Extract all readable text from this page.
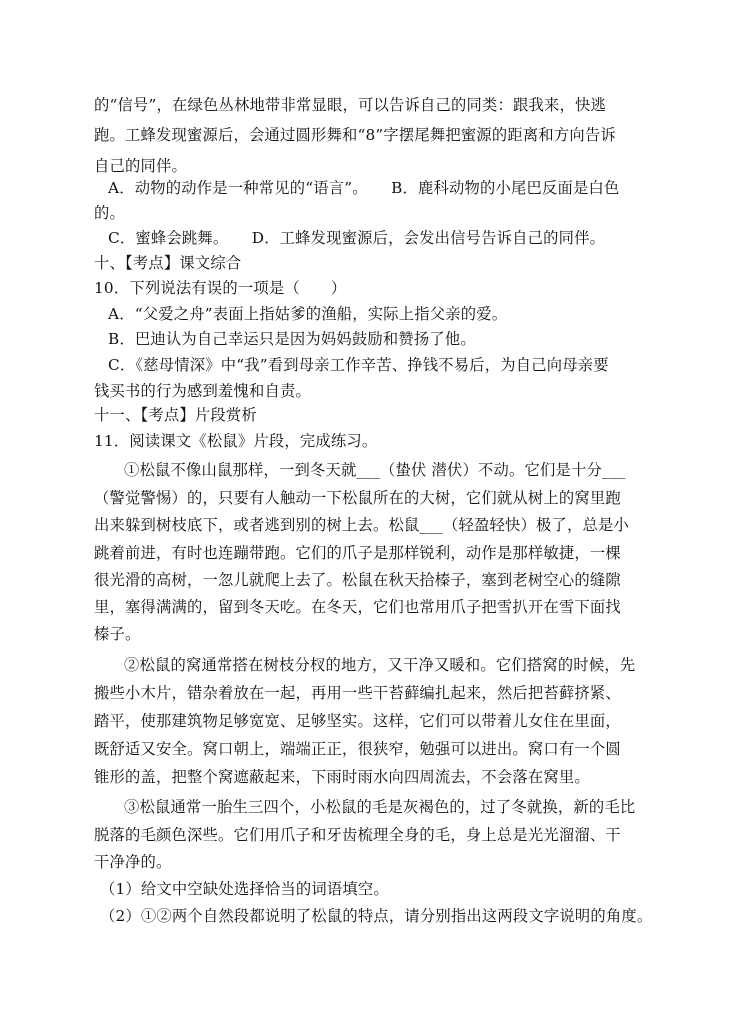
的“信号”，在绿色丛林地带非常显眼，可以告诉自己的同类：跟我来，快逃
跑。工蜂发现蜜源后，会通过圆形舞和“8”字摆尾舞把蜜源的距离和方向告诉
自己的同伴。
A．动物的动作是一种常见的“语言”。　　B．鹿科动物的小尾巴反面是白色
的。
C．蜜蜂会跳舞。　　D．工蜂发现蜜源后，会发出信号告诉自己的同伴。
十、【考点】课文综合
10．下列说法有误的一项是（　　）
A．“父爱之舟”表面上指姑爹的渔船，实际上指父亲的爱。
B．巴迪认为自己幸运只是因为妈妈鼓励和赞扬了他。
C．《慈母情深》中“我”看到母亲工作辛苦、挣钱不易后，为自己向母亲要
钱买书的行为感到羞愧和自责。
十一、【考点】片段赏析
11．阅读课文《松鼠》片段，完成练习。
①松鼠不像山鼠那样，一到冬天就___（蛰伏 潜伏）不动。它们是十分___
（警觉警惕）的，只要有人触动一下松鼠所在的大树，它们就从树上的窝里跑
出来躲到树枝底下，或者逃到别的树上去。松鼠___（轻盈轻快）极了，总是小
跳着前进，有时也连蹦带跑。它们的爪子是那样锐利，动作是那样敏捷，一棵
很光滑的高树，一忽儿就爬上去了。松鼠在秋天拾榛子，塞到老树空心的缝隙
里，塞得满满的，留到冬天吃。在冬天，它们也常用爪子把雪扒开在雪下面找
榛子。
②松鼠的窝通常搭在树枝分杈的地方，又干净又暖和。它们搭窝的时候，先
搬些小木片，错杂着放在一起，再用一些干苔藓编扎起来，然后把苔藓挤紧、
踏平，使那建筑物足够宽宽、足够坚实。这样，它们可以带着儿女住在里面，
既舒适又安全。窝口朝上，端端正正，很狭窄，勉强可以进出。窝口有一个圆
锥形的盖，把整个窝遮蔽起来，下雨时雨水向四周流去，不会落在窝里。
③松鼠通常一胎生三四个，小松鼠的毛是灰褐色的，过了冬就换，新的毛比
脱落的毛颜色深些。它们用爪子和牙齿梳理全身的毛，身上总是光光溜溜、干
干净净的。
（1）给文中空缺处选择恰当的词语填空。
（2）①②两个自然段都说明了松鼠的特点，请分别指出这两段文字说明的角度。
